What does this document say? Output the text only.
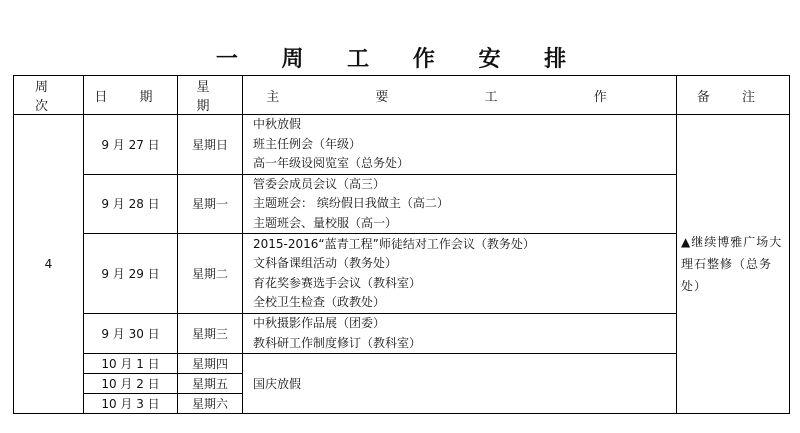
一 周 工 作 安 排
周 次	日 期	星 期	主 要 工 作	备 注
4	9 月 27 日	星期日	中秋放假
班主任例会（年级）
高一年级设阅览室（总务处）	▲继续博雅广场大理石整修（总务处）
	9 月 28 日	星期一	管委会成员会议（高三）
主题班会： 缤纷假日我做主（高二）
主题班会、量校服（高一）	

	9 月 29 日	星期二	2015-2016“蓝青工程”师徒结对工作会议（教务处）
文科备课组活动（教务处）
育花奖参赛选手会议（教科室）
全校卫生检查（政教处）	

	9 月 30 日	星期三	中秋摄影作品展（团委）
教科研工作制度修订（教科室）	

	10 月 1 日	星期四	国庆放假	
	10 月 2 日	星期五		
	10 月 3 日	星期六		
